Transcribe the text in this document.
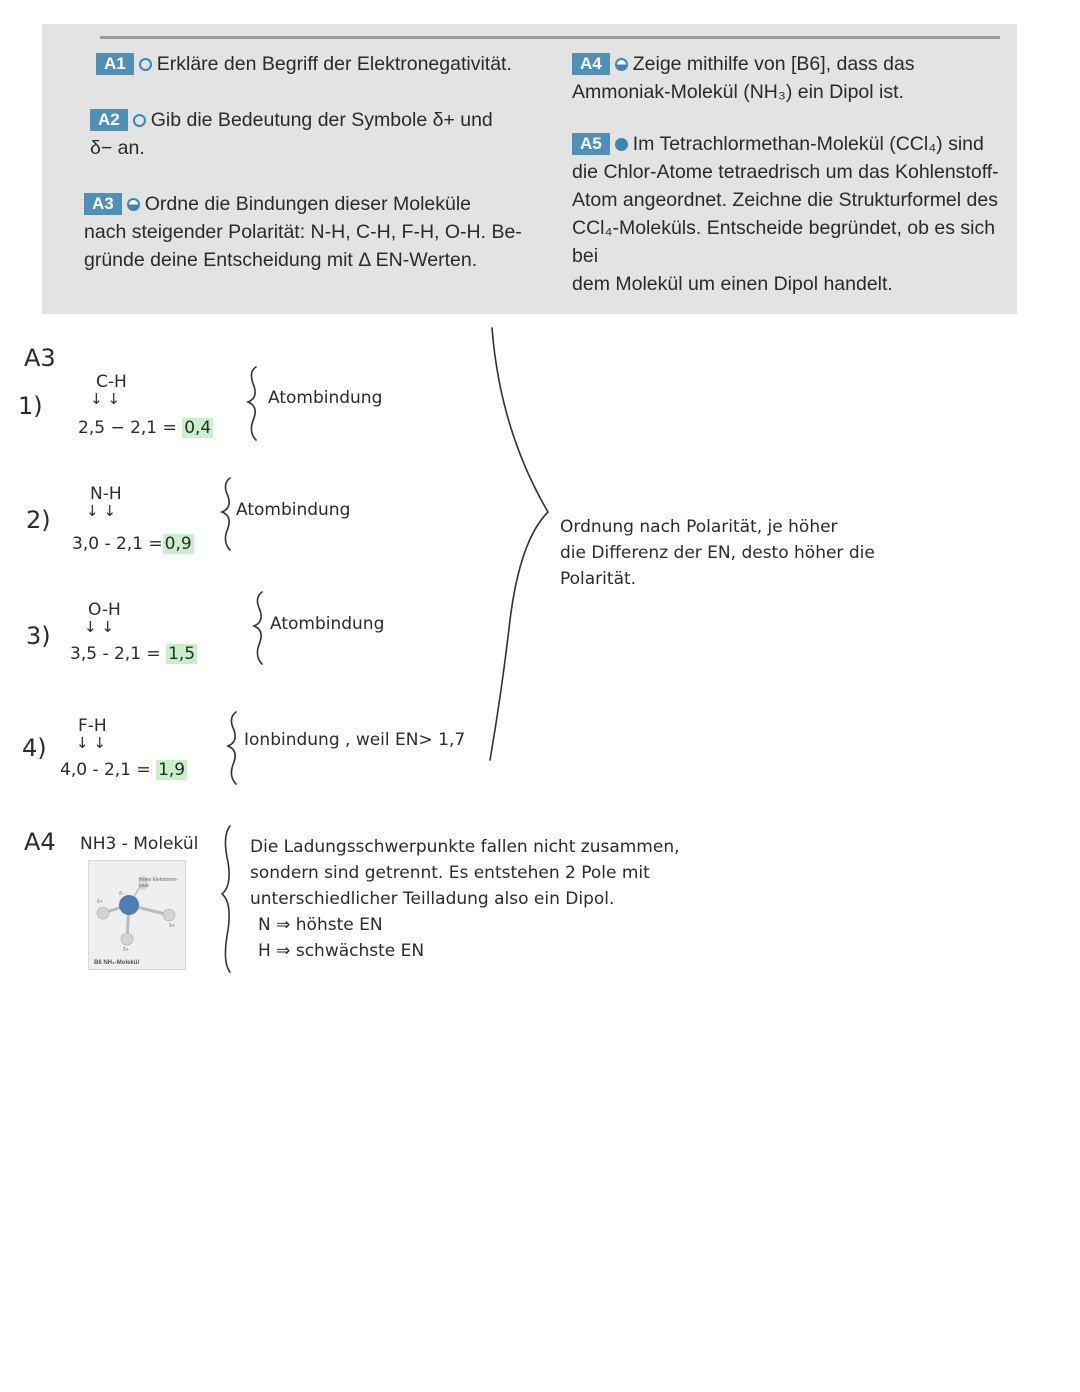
A1 Erkläre den Begriff der Elektronegativität.
A2 Gib die Bedeutung der Symbole δ+ und
δ− an.
A3 Ordne die Bindungen dieser Moleküle
nach steigender Polarität: N-H, C-H, F-H, O-H. Be-
gründe deine Entscheidung mit Δ EN-Werten.
A4 Zeige mithilfe von [B6], dass das
Ammoniak-Molekül (NH₃) ein Dipol ist.
A5 Im Tetrachlormethan-Molekül (CCl₄) sind
die Chlor-Atome tetraedrisch um das Kohlenstoff-
Atom angeordnet. Zeichne die Strukturformel des
CCl₄-Moleküls. Entscheide begründet, ob es sich bei
dem Molekül um einen Dipol handelt.
A3
1)
C-H
↓ ↓
2,5 − 2,1 = 0,4
Atombindung
2)
N-H
↓ ↓
3,0 - 2,1 = 0,9
Atombindung
3)
O-H
↓ ↓
3,5 - 2,1 = 1,5
Atombindung
4)
F-H
↓ ↓
4,0 - 2,1 = 1,9
Ionbindung , weil EN> 1,7
Ordnung nach Polarität, je höher
die Differenz der EN, desto höher die
Polarität.
A4 NH3 - Molekül
freies Elektronen- paar
δ−
δ+
δ+
δ+
B6 NH₃-Molekül
Die Ladungsschwerpunkte fallen nicht zusammen,
sondern sind getrennt. Es entstehen 2 Pole mit
unterschiedlicher Teilladung also ein Dipol.
N ⇒ höhste EN
H ⇒ schwächste EN
